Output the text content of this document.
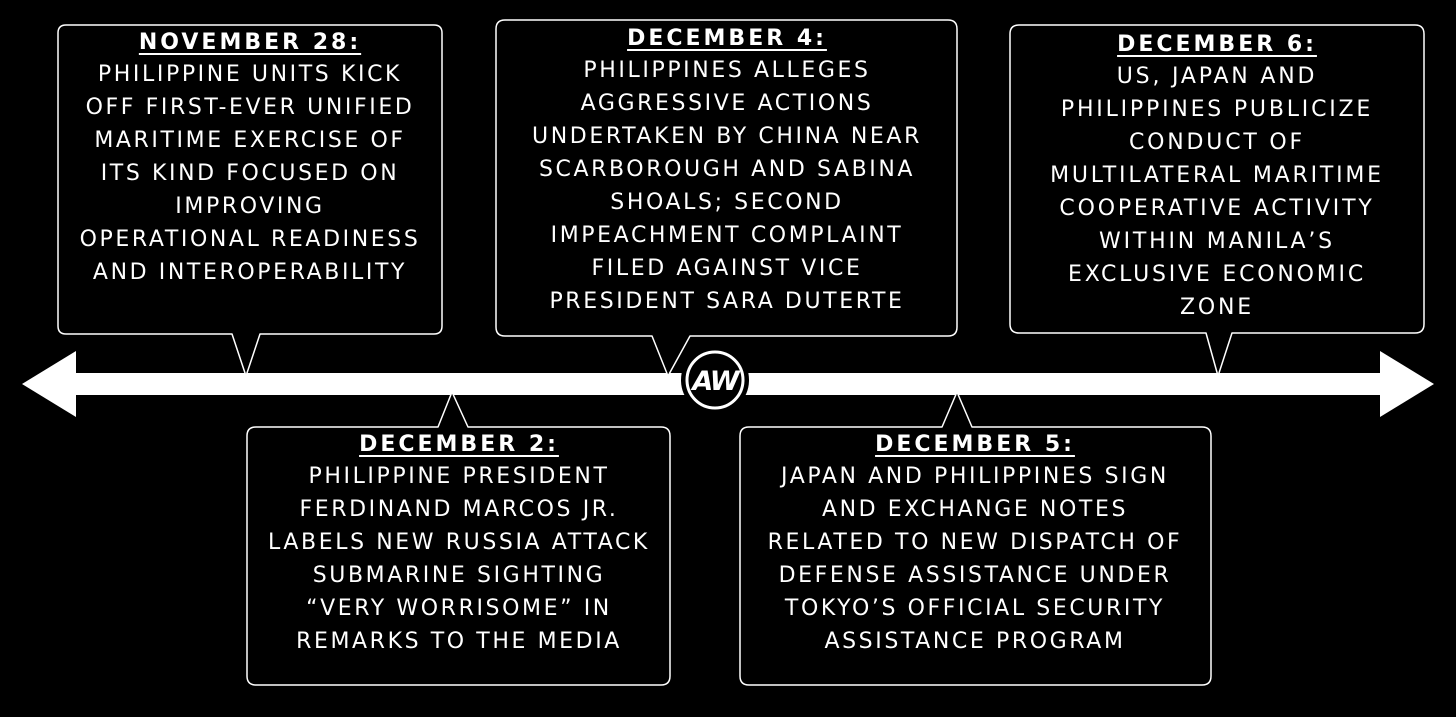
AW
NOVEMBER 28:
PHILIPPINE UNITS KICK
OFF FIRST-EVER UNIFIED
MARITIME EXERCISE OF
ITS KIND FOCUSED ON
IMPROVING
OPERATIONAL READINESS
AND INTEROPERABILITY
DECEMBER 4:
PHILIPPINES ALLEGES
AGGRESSIVE ACTIONS
UNDERTAKEN BY CHINA NEAR
SCARBOROUGH AND SABINA
SHOALS; SECOND
IMPEACHMENT COMPLAINT
FILED AGAINST VICE
PRESIDENT SARA DUTERTE
DECEMBER 6:
US, JAPAN AND
PHILIPPINES PUBLICIZE
CONDUCT OF
MULTILATERAL MARITIME
COOPERATIVE ACTIVITY
WITHIN MANILA’S
EXCLUSIVE ECONOMIC
ZONE
DECEMBER 2:
PHILIPPINE PRESIDENT
FERDINAND MARCOS JR.
LABELS NEW RUSSIA ATTACK
SUBMARINE SIGHTING
“VERY WORRISOME” IN
REMARKS TO THE MEDIA
DECEMBER 5:
JAPAN AND PHILIPPINES SIGN
AND EXCHANGE NOTES
RELATED TO NEW DISPATCH OF
DEFENSE ASSISTANCE UNDER
TOKYO’S OFFICIAL SECURITY
ASSISTANCE PROGRAM
